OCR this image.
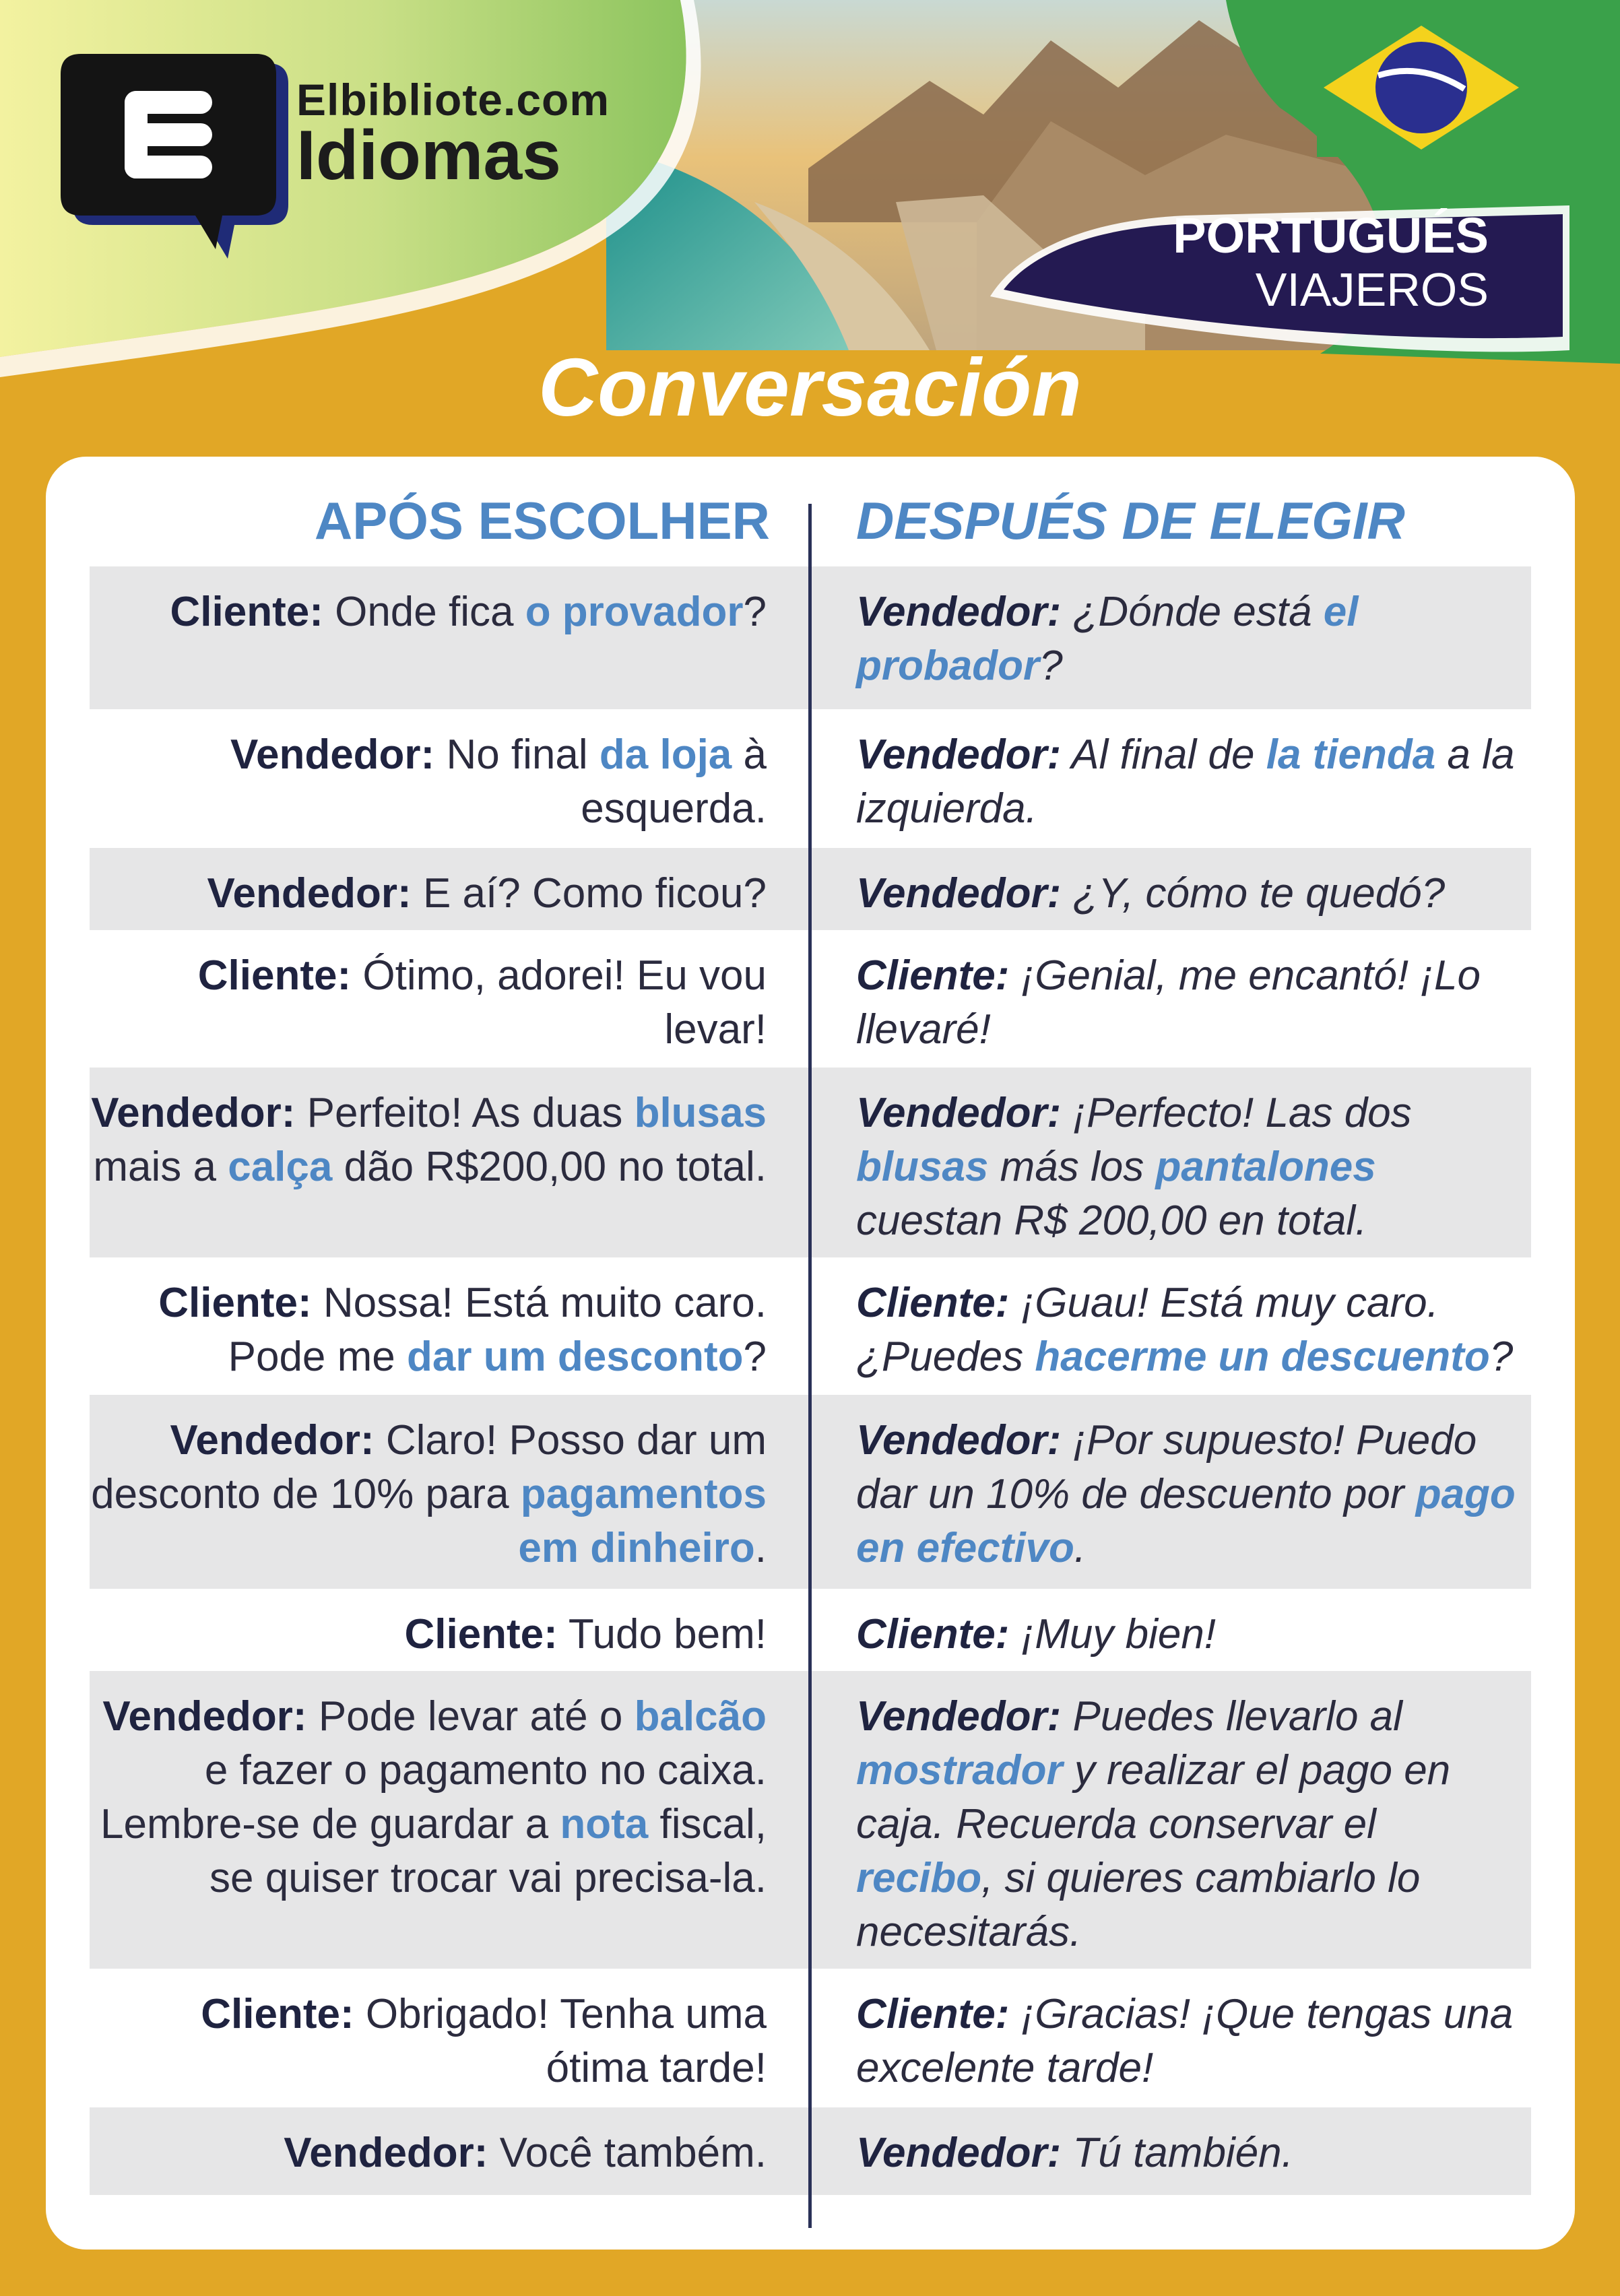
Elbibliote.com
Idiomas
PORTUGUÉS
VIAJEROS
Conversación
APÓS ESCOLHER DESPUÉS DE ELEGIR
Cliente: Onde fica o provador? Vendedor: ¿Dónde está el probador?
Vendedor: No final da loja à esquerda.
Vendedor: Al final de la tienda a la izquierda.
Vendedor: E aí? Como ficou? Vendedor: ¿Y, cómo te quedó?
Cliente: Ótimo, adorei! Eu vou levar!
Cliente: ¡Genial, me encantó! ¡Lo llevaré!
Vendedor: Perfeito! As duas blusas mais a calça dão R$200,00 no total.
Vendedor: ¡Perfecto! Las dos blusas más los pantalones cuestan R$ 200,00 en total.
Cliente: Nossa! Está muito caro. Pode me dar um desconto?
Cliente: ¡Guau! Está muy caro. ¿Puedes hacerme un descuento?
Vendedor: Claro! Posso dar um desconto de 10% para pagamentos em dinheiro.
Vendedor: ¡Por supuesto! Puedo dar un 10% de descuento por pago en efectivo.
Cliente: Tudo bem! Cliente: ¡Muy bien!
Vendedor: Pode levar até o balcão e fazer o pagamento no caixa. Lembre-se de guardar a nota fiscal, se quiser trocar vai precisa-la.
Vendedor: Puedes llevarlo al mostrador y realizar el pago en caja. Recuerda conservar el recibo, si quieres cambiarlo lo necesitarás.
Cliente: Obrigado! Tenha uma ótima tarde!
Cliente: ¡Gracias! ¡Que tengas una excelente tarde!
Vendedor: Você também. Vendedor: Tú también.
